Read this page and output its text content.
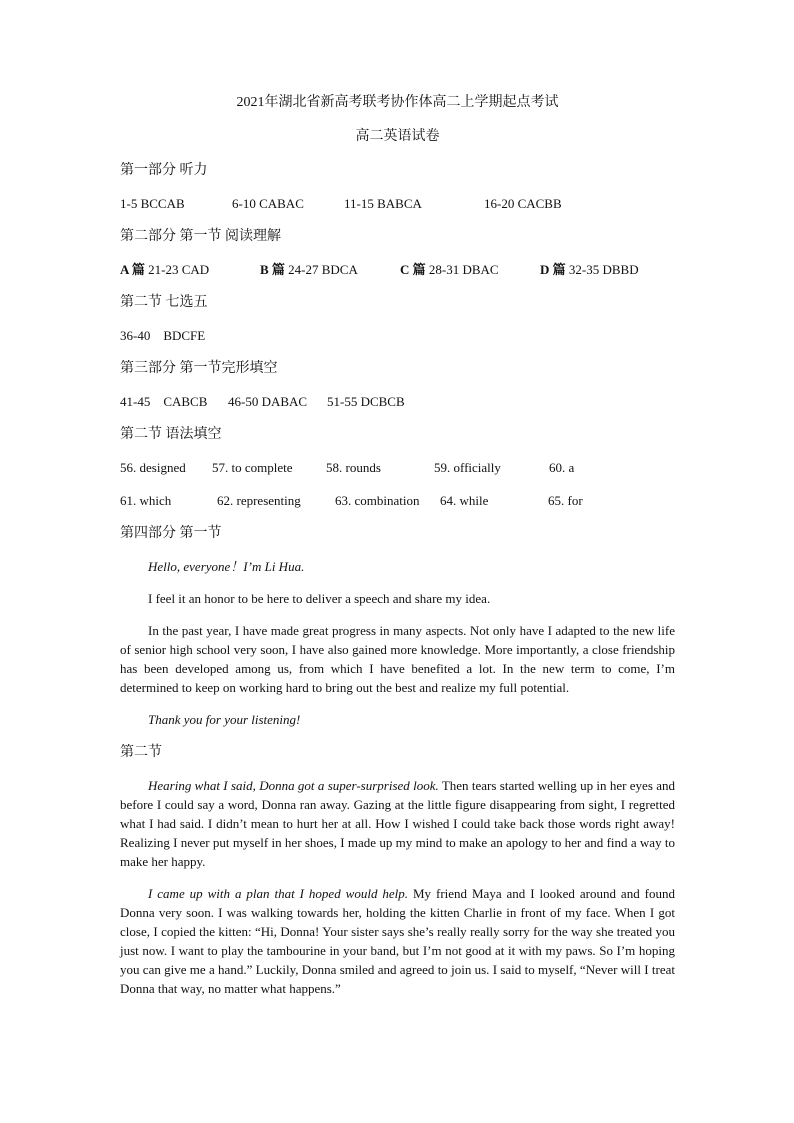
2021年湖北省新高考联考协作体高二上学期起点考试
高二英语试卷
第一部分 听力
1-5 BCCAB	6-10 CABAC	11-15 BABCA	16-20 CACBB
第二部分 第一节 阅读理解
A 篇 21-23 CAD	B 篇 24-27 BDCA	C 篇 28-31 DBAC	D 篇 32-35 DBBD
第二节 七选五
36-40    BDCFE
第三部分 第一节完形填空
41-45    CABCB 46-50 DABAC 51-55 DCBCB
第二节 语法填空
56. designed 57. to complete	58. rounds	59. officially	60. a
61. which	62. representing	63. combination 64. while	65. for
第四部分 第一节
Hello, everyone！I’m Li Hua.
I feel it an honor to be here to deliver a speech and share my idea.
In the past year, I have made great progress in many aspects. Not only have I adapted to the new life of senior high school very soon, I have also gained more knowledge. More importantly, a close friendship has been developed among us, from which I have benefited a lot. In the new term to come, I’m determined to keep on working hard to bring out the best and realize my full potential.
Thank you for your listening!
第二节
Hearing what I said, Donna got a super-surprised look. Then tears started welling up in her eyes and before I could say a word, Donna ran away. Gazing at the little figure disappearing from sight, I regretted what I had said. I didn’t mean to hurt her at all. How I wished I could take back those words right away! Realizing I never put myself in her shoes, I made up my mind to make an apology to her and find a way to make her happy.
I came up with a plan that I hoped would help. My friend Maya and I looked around and found Donna very soon. I was walking towards her, holding the kitten Charlie in front of my face. When I got close, I copied the kitten: “Hi, Donna! Your sister says she’s really really sorry for the way she treated you just now. I want to play the tambourine in your band, but I’m not good at it with my paws. So I’m hoping you can give me a hand.” Luckily, Donna smiled and agreed to join us. I said to myself, “Never will I treat Donna that way, no matter what happens.”
